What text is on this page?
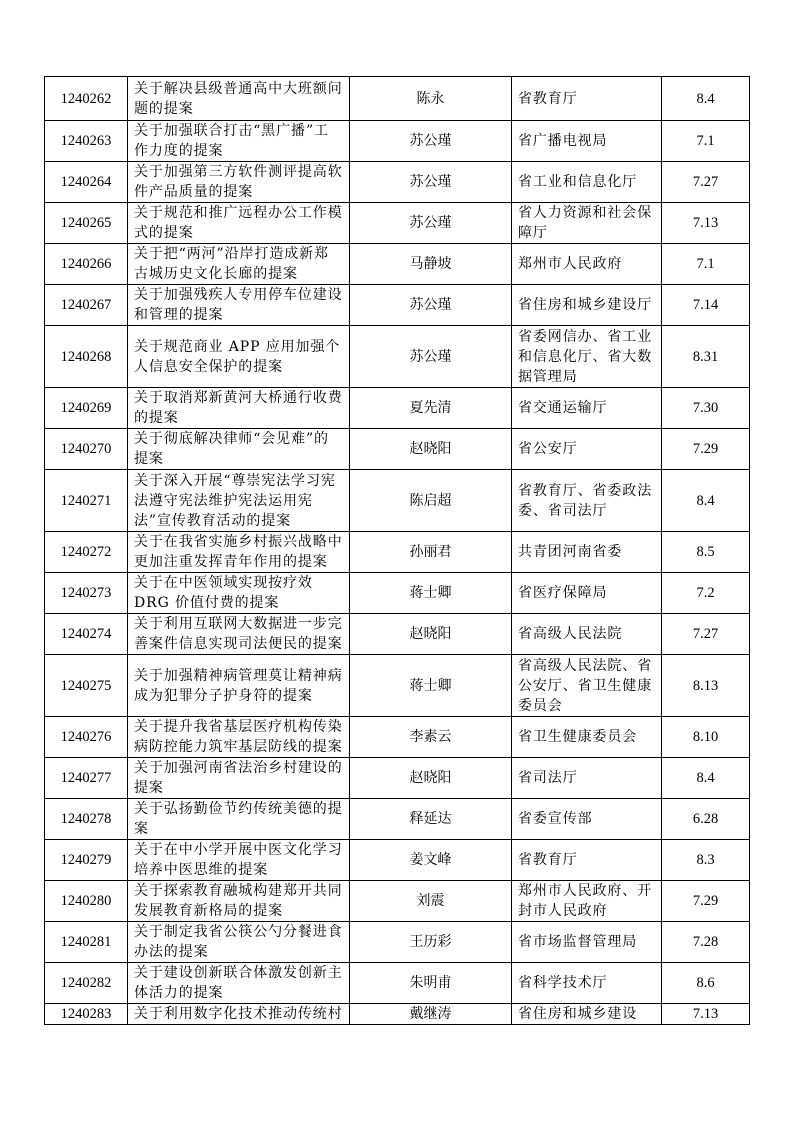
1240262	关于解决县级普通高中大班额问题的提案	陈永	省教育厅	8.4
1240263	关于加强联合打击“黑广播”工作力度的提案	苏公瑾	省广播电视局	7.1
1240264	关于加强第三方软件测评提高软件产品质量的提案	苏公瑾	省工业和信息化厅	7.27
1240265	关于规范和推广远程办公工作模式的提案	苏公瑾	省人力资源和社会保障厅	7.13
1240266	关于把“两河”沿岸打造成新郑古城历史文化长廊的提案	马静坡	郑州市人民政府	7.1
1240267	关于加强残疾人专用停车位建设和管理的提案	苏公瑾	省住房和城乡建设厅	7.14
1240268	关于规范商业 APP 应用加强个人信息安全保护的提案	苏公瑾	省委网信办、省工业和信息化厅、省大数据管理局	8.31
1240269	关于取消郑新黄河大桥通行收费的提案	夏先清	省交通运输厅	7.30
1240270	关于彻底解决律师“会见难”的提案	赵晓阳	省公安厅	7.29
1240271	关于深入开展“尊崇宪法学习宪法遵守宪法维护宪法运用宪法”宣传教育活动的提案	陈启超	省教育厅、省委政法委、省司法厅	8.4
1240272	关于在我省实施乡村振兴战略中更加注重发挥青年作用的提案	孙丽君	共青团河南省委	8.5
1240273	关于在中医领域实现按疗效 DRG 价值付费的提案	蒋士卿	省医疗保障局	7.2
1240274	关于利用互联网大数据进一步完善案件信息实现司法便民的提案	赵晓阳	省高级人民法院	7.27
1240275	关于加强精神病管理莫让精神病成为犯罪分子护身符的提案	蒋士卿	省高级人民法院、省公安厅、省卫生健康委员会	8.13
1240276	关于提升我省基层医疗机构传染病防控能力筑牢基层防线的提案	李素云	省卫生健康委员会	8.10
1240277	关于加强河南省法治乡村建设的提案	赵晓阳	省司法厅	8.4
1240278	关于弘扬勤俭节约传统美德的提案	释延达	省委宣传部	6.28
1240279	关于在中小学开展中医文化学习培养中医思维的提案	姜文峰	省教育厅	8.3
1240280	关于探索教育融城构建郑开共同发展教育新格局的提案	刘震	郑州市人民政府、开封市人民政府	7.29
1240281	关于制定我省公筷公勺分餐进食办法的提案	王历彩	省市场监督管理局	7.28
1240282	关于建设创新联合体激发创新主体活力的提案	朱明甫	省科学技术厅	8.6
1240283	关于利用数字化技术推动传统村	戴继涛	省住房和城乡建设	7.13
